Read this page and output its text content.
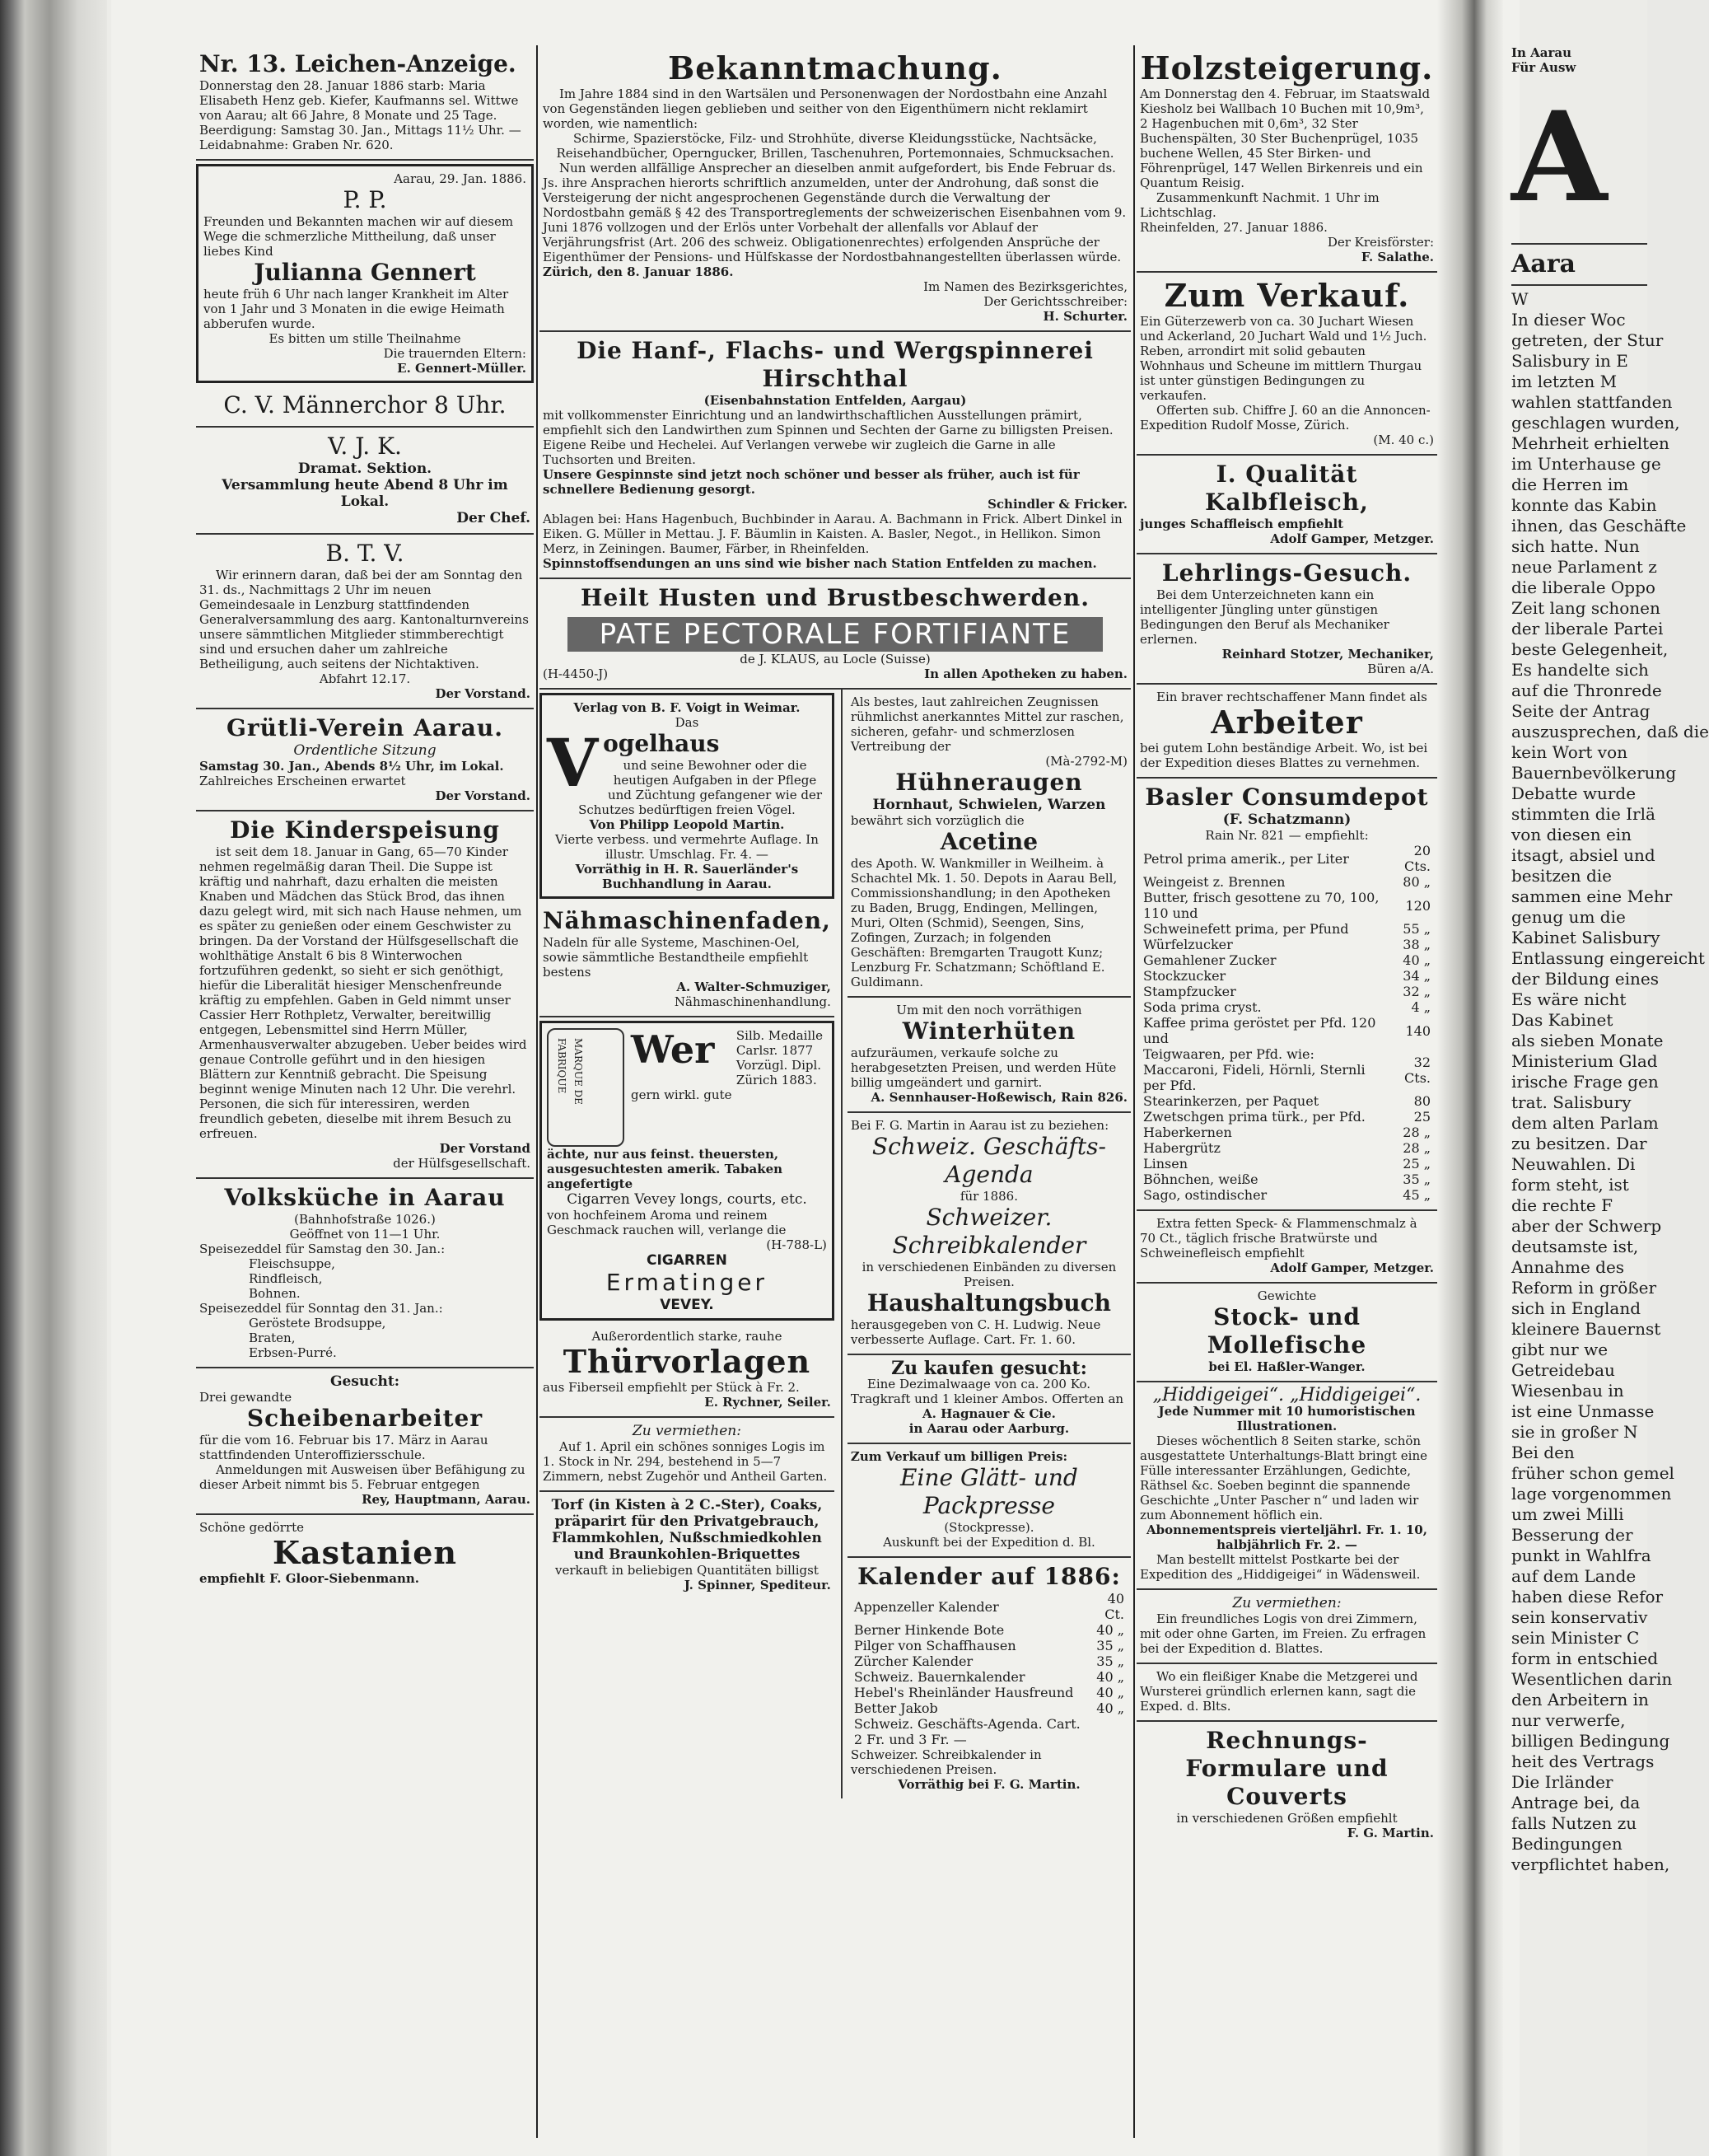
Nr. 13. Leichen-Anzeige.
Donnerstag den 28. Januar 1886 starb: Maria Elisabeth Henz geb. Kiefer, Kaufmanns sel. Wittwe von Aarau; alt 66 Jahre, 8 Monate und 25 Tage. Beerdigung: Samstag 30. Jan., Mittags 11½ Uhr. — Leidabnahme: Graben Nr. 620.
Aarau, 29. Jan. 1886.
P. P.
Freunden und Bekannten machen wir auf diesem Wege die schmerzliche Mittheilung, daß unser liebes Kind
Julianna Gennert
heute früh 6 Uhr nach langer Krankheit im Alter von 1 Jahr und 3 Monaten in die ewige Heimath abberufen wurde.
Es bitten um stille Theilnahme
Die trauernden Eltern:
E. Gennert-Müller.
C. V. Männerchor 8 Uhr.
V. J. K.
Dramat. Sektion.
Versammlung heute Abend 8 Uhr im Lokal.
Der Chef.
B. T. V.
Wir erinnern daran, daß bei der am Sonntag den 31. ds., Nachmittags 2 Uhr im neuen Gemeindesaale in Lenzburg stattfindenden Generalversammlung des aarg. Kantonalturnvereins unsere sämmtlichen Mitglieder stimmberechtigt sind und ersuchen daher um zahlreiche Betheiligung, auch seitens der Nichtaktiven.
Abfahrt 12.17.
Der Vorstand.
Grütli-Verein Aarau.
Ordentliche Sitzung
Samstag 30. Jan., Abends 8½ Uhr, im Lokal.
Zahlreiches Erscheinen erwartet
Der Vorstand.
Die Kinderspeisung
ist seit dem 18. Januar in Gang, 65—70 Kinder nehmen regelmäßig daran Theil. Die Suppe ist kräftig und nahrhaft, dazu erhalten die meisten Knaben und Mädchen das Stück Brod, das ihnen dazu gelegt wird, mit sich nach Hause nehmen, um es später zu genießen oder einem Geschwister zu bringen. Da der Vorstand der Hülfsgesellschaft die wohlthätige Anstalt 6 bis 8 Winterwochen fortzuführen gedenkt, so sieht er sich genöthigt, hiefür die Liberalität hiesiger Menschenfreunde kräftig zu empfehlen. Gaben in Geld nimmt unser Cassier Herr Rothpletz, Verwalter, bereitwillig entgegen, Lebensmittel sind Herrn Müller, Armenhausverwalter abzugeben. Ueber beides wird genaue Controlle geführt und in den hiesigen Blättern zur Kenntniß gebracht. Die Speisung beginnt wenige Minuten nach 12 Uhr. Die verehrl. Personen, die sich für interessiren, werden freundlich gebeten, dieselbe mit ihrem Besuch zu erfreuen.
Der Vorstand
der Hülfsgesellschaft.
Volksküche in Aarau
(Bahnhofstraße 1026.)
Geöffnet von 11—1 Uhr.
Speisezeddel für Samstag den 30. Jan.:
Fleischsuppe,
Rindfleisch,
Bohnen.
Speisezeddel für Sonntag den 31. Jan.:
Geröstete Brodsuppe,
Braten,
Erbsen-Purré.
Gesucht:
Drei gewandte
Scheibenarbeiter
für die vom 16. Februar bis 17. März in Aarau stattfindenden Unteroffiziersschule.
Anmeldungen mit Ausweisen über Befähigung zu dieser Arbeit nimmt bis 5. Februar entgegen
Rey, Hauptmann, Aarau.
Schöne gedörrte
Kastanien
empfiehlt F. Gloor-Siebenmann.
Bekanntmachung.
Im Jahre 1884 sind in den Wartsälen und Personenwagen der Nordostbahn eine Anzahl von Gegenständen liegen geblieben und seither von den Eigenthümern nicht reklamirt worden, wie namentlich:
Schirme, Spazierstöcke, Filz- und Strohhüte, diverse Kleidungsstücke, Nachtsäcke, Reisehandbücher, Operngucker, Brillen, Taschenuhren, Portemonnaies, Schmucksachen.
Nun werden allfällige Ansprecher an dieselben anmit aufgefordert, bis Ende Februar ds. Js. ihre Ansprachen hierorts schriftlich anzumelden, unter der Androhung, daß sonst die Versteigerung der nicht angesprochenen Gegenstände durch die Verwaltung der Nordostbahn gemäß § 42 des Transportreglements der schweizerischen Eisenbahnen vom 9. Juni 1876 vollzogen und der Erlös unter Vorbehalt der allenfalls vor Ablauf der Verjährungsfrist (Art. 206 des schweiz. Obligationenrechtes) erfolgenden Ansprüche der Eigenthümer der Pensions- und Hülfskasse der Nordostbahnangestellten überlassen würde.
Zürich, den 8. Januar 1886.
Im Namen des Bezirksgerichtes,
Der Gerichtsschreiber:
H. Schurter.
Die Hanf-, Flachs- und Wergspinnerei Hirschthal
(Eisenbahnstation Entfelden, Aargau)
mit vollkommenster Einrichtung und an landwirthschaftlichen Ausstellungen prämirt, empfiehlt sich den Landwirthen zum Spinnen und Sechten der Garne zu billigsten Preisen. Eigene Reibe und Hechelei. Auf Verlangen verwebe wir zugleich die Garne in alle Tuchsorten und Breiten.
Unsere Gespinnste sind jetzt noch schöner und besser als früher, auch ist für schnellere Bedienung gesorgt.
Schindler & Fricker.
Ablagen bei: Hans Hagenbuch, Buchbinder in Aarau. A. Bachmann in Frick. Albert Dinkel in Eiken. G. Müller in Mettau. J. F. Bäumlin in Kaisten. A. Basler, Negot., in Hellikon. Simon Merz, in Zeiningen. Baumer, Färber, in Rheinfelden.
Spinnstoffsendungen an uns sind wie bisher nach Station Entfelden zu machen.
Heilt Husten und Brustbeschwerden.
PATE PECTORALE FORTIFIANTE
de J. KLAUS, au Locle (Suisse)
(H-4450-J)	In allen Apotheken zu haben.
Verlag von B. F. Voigt in Weimar.
Das
V ogelhaus
und seine Bewohner oder die heutigen Aufgaben in der Pflege und Züchtung gefangener wie der Schutzes bedürftigen freien Vögel.
Von Philipp Leopold Martin.
Vierte verbess. und vermehrte Auflage. In illustr. Umschlag. Fr. 4. —
Vorräthig in H. R. Sauerländer's Buchhandlung in Aarau.
Nähmaschinenfaden,
Nadeln für alle Systeme, Maschinen-Oel, sowie sämmtliche Bestandtheile empfiehlt bestens
A. Walter-Schmuziger,
Nähmaschinenhandlung.
MARQUE DE FABRIQUE	Wer Silb. Medaille Carlsr. 1877 Vorzügl. Dipl. Zürich 1883.
gern wirkl. gute
ächte, nur aus feinst. theuersten, ausgesuchtesten amerik. Tabaken angefertigte
Cigarren Vevey longs, courts, etc.
von hochfeinem Aroma und reinem Geschmack rauchen will, verlange die
(H-788-L)
CIGARREN
Ermatinger
VEVEY.
Außerordentlich starke, rauhe
Thürvorlagen
aus Fiberseil empfiehlt per Stück à Fr. 2.
E. Rychner, Seiler.
Zu vermiethen:
Auf 1. April ein schönes sonniges Logis im 1. Stock in Nr. 294, bestehend in 5—7 Zimmern, nebst Zugehör und Antheil Garten.
Torf (in Kisten à 2 C.-Ster), Coaks, präparirt für den Privatgebrauch, Flammkohlen, Nußschmiedkohlen und Braunkohlen-Briquettes
verkauft in beliebigen Quantitäten billigst
J. Spinner, Spediteur.
Als bestes, laut zahlreichen Zeugnissen rühmlichst anerkanntes Mittel zur raschen, sicheren, gefahr- und schmerzlosen Vertreibung der
(Mà-2792-M)
Hühneraugen
Hornhaut, Schwielen, Warzen
bewährt sich vorzüglich die
Acetine
des Apoth. W. Wankmiller in Weilheim. à Schachtel Mk. 1. 50. Depots in Aarau Bell, Commissionshandlung; in den Apotheken zu Baden, Brugg, Endingen, Mellingen, Muri, Olten (Schmid), Seengen, Sins, Zofingen, Zurzach; in folgenden Geschäften: Bremgarten Traugott Kunz; Lenzburg Fr. Schatzmann; Schöftland E. Guldimann.
Um mit den noch vorräthigen
Winterhüten
aufzuräumen, verkaufe solche zu herabgesetzten Preisen, und werden Hüte billig umgeändert und garnirt.
A. Sennhauser-Hoßewisch, Rain 826.
Bei F. G. Martin in Aarau ist zu beziehen:
Schweiz. Geschäfts-Agenda
für 1886.
Schweizer. Schreibkalender
in verschiedenen Einbänden zu diversen Preisen.
Haushaltungsbuch
herausgegeben von C. H. Ludwig. Neue verbesserte Auflage. Cart. Fr. 1. 60.
Zu kaufen gesucht:
Eine Dezimalwaage von ca. 200 Ko. Tragkraft und 1 kleiner Ambos. Offerten an
A. Hagnauer & Cie.
in Aarau oder Aarburg.
Zum Verkauf um billigen Preis:
Eine Glätt- und Packpresse
(Stockpresse).
Auskunft bei der Expedition d. Bl.
Kalender auf 1886:
Appenzeller Kalender	40 Ct.
Berner Hinkende Bote	40 „
Pilger von Schaffhausen	35 „
Zürcher Kalender	35 „
Schweiz. Bauernkalender	40 „
Hebel's Rheinländer Hausfreund	40 „
Better Jakob	40 „
Schweiz. Geschäfts-Agenda. Cart. 2 Fr. und 3 Fr. —	
Schweizer. Schreibkalender in verschiedenen Preisen.
Vorräthig bei F. G. Martin.
Holzsteigerung.
Am Donnerstag den 4. Februar, im Staatswald Kiesholz bei Wallbach 10 Buchen mit 10,9m³, 2 Hagenbuchen mit 0,6m³, 32 Ster Buchenspälten, 30 Ster Buchenprügel, 1035 buchene Wellen, 45 Ster Birken- und Föhrenprügel, 147 Wellen Birkenreis und ein Quantum Reisig.
Zusammenkunft Nachmit. 1 Uhr im Lichtschlag.
Rheinfelden, 27. Januar 1886.
Der Kreisförster:
F. Salathe.
Zum Verkauf.
Ein Güterzewerb von ca. 30 Juchart Wiesen und Ackerland, 20 Juchart Wald und 1½ Juch. Reben, arrondirt mit solid gebauten Wohnhaus und Scheune im mittlern Thurgau ist unter günstigen Bedingungen zu verkaufen.
Offerten sub. Chiffre J. 60 an die Annoncen-Expedition Rudolf Mosse, Zürich.
(M. 40 c.)
I. Qualität Kalbfleisch,
junges Schaffleisch empfiehlt
Adolf Gamper, Metzger.
Lehrlings-Gesuch.
Bei dem Unterzeichneten kann ein intelligenter Jüngling unter günstigen Bedingungen den Beruf als Mechaniker erlernen.
Reinhard Stotzer, Mechaniker,
Büren a/A.
Ein braver rechtschaffener Mann findet als
Arbeiter
bei gutem Lohn beständige Arbeit. Wo, ist bei der Expedition dieses Blattes zu vernehmen.
Basler Consumdepot
(F. Schatzmann)
Rain Nr. 821 — empfiehlt:
Petrol prima amerik., per Liter	20 Cts.
Weingeist z. Brennen	80 „
Butter, frisch gesottene zu 70, 100, 110 und	120
Schweinefett prima, per Pfund	55 „
Würfelzucker	38 „
Gemahlener Zucker	40 „
Stockzucker	34 „
Stampfzucker	32 „
Soda prima cryst.	4 „
Kaffee prima geröstet per Pfd. 120 und	140
Teigwaaren, per Pfd. wie: Maccaroni, Fideli, Hörnli, Sternli per Pfd.	32 Cts.
Stearinkerzen, per Paquet	80
Zwetschgen prima türk., per Pfd.	25
Haberkernen	28 „
Habergrütz	28 „
Linsen	25 „
Böhnchen, weiße	35 „
Sago, ostindischer	45 „
Extra fetten Speck- & Flammenschmalz à 70 Ct., täglich frische Bratwürste und Schweinefleisch empfiehlt
Adolf Gamper, Metzger.
Gewichte
Stock- und Mollefische
bei El. Haßler-Wanger.
„Hiddigeigei“. „Hiddigeigei“.
Jede Nummer mit 10 humoristischen Illustrationen.
Dieses wöchentlich 8 Seiten starke, schön ausgestattete Unterhaltungs-Blatt bringt eine Fülle interessanter Erzählungen, Gedichte, Räthsel &c. Soeben beginnt die spannende Geschichte „Unter Pascher n“ und laden wir zum Abonnement höflich ein.
Abonnementspreis vierteljährl. Fr. 1. 10, halbjährlich Fr. 2. —
Man bestellt mittelst Postkarte bei der Expedition des „Hiddigeigei“ in Wädensweil.
Zu vermiethen:
Ein freundliches Logis von drei Zimmern, mit oder ohne Garten, im Freien. Zu erfragen bei der Expedition d. Blattes.
Wo ein fleißiger Knabe die Metzgerei und Wursterei gründlich erlernen kann, sagt die Exped. d. Blts.
Rechnungs-Formulare und Couverts
in verschiedenen Größen empfiehlt
F. G. Martin.
In Aarau
Für Ausw
A
Aara
W
In dieser Woc
getreten, der Stur
Salisbury in E
im letzten M
wahlen stattfanden
geschlagen wurden,
Mehrheit erhielten
im Unterhause ge
die Herren im
konnte das Kabin
ihnen, das Geschäfte
sich hatte. Nun
neue Parlament z
die liberale Oppo
Zeit lang schonen
der liberale Partei
beste Gelegenheit,
Es handelte sich
auf die Thronrede
Seite der Antrag
auszusprechen, daß die
kein Wort von
Bauernbevölkerung
Debatte wurde
stimmten die Irlä
von diesen ein
itsagt, absiel und
besitzen die
sammen eine Mehr
genug um die
Kabinet Salisbury
Entlassung eingereicht
der Bildung eines
Es wäre nicht
Das Kabinet
als sieben Monate
Ministerium Glad
irische Frage gen
trat. Salisbury
dem alten Parlam
zu besitzen. Dar
Neuwahlen. Di
form steht, ist
die rechte F
aber der Schwerp
deutsamste ist,
Annahme des
Reform in größer
sich in England
kleinere Bauernst
gibt nur we
Getreidebau
Wiesenbau in
ist eine Unmasse
sie in großer N
Bei den
früher schon gemel
lage vorgenommen
um zwei Milli
Besserung der
punkt in Wahlfra
auf dem Lande
haben diese Refor
sein konservativ
sein Minister C
form in entschied
Wesentlichen darin
den Arbeitern in
nur verwerfe,
billigen Bedingung
heit des Vertrags
Die Irländer
Antrage bei, da
falls Nutzen zu
Bedingungen
verpflichtet haben,
